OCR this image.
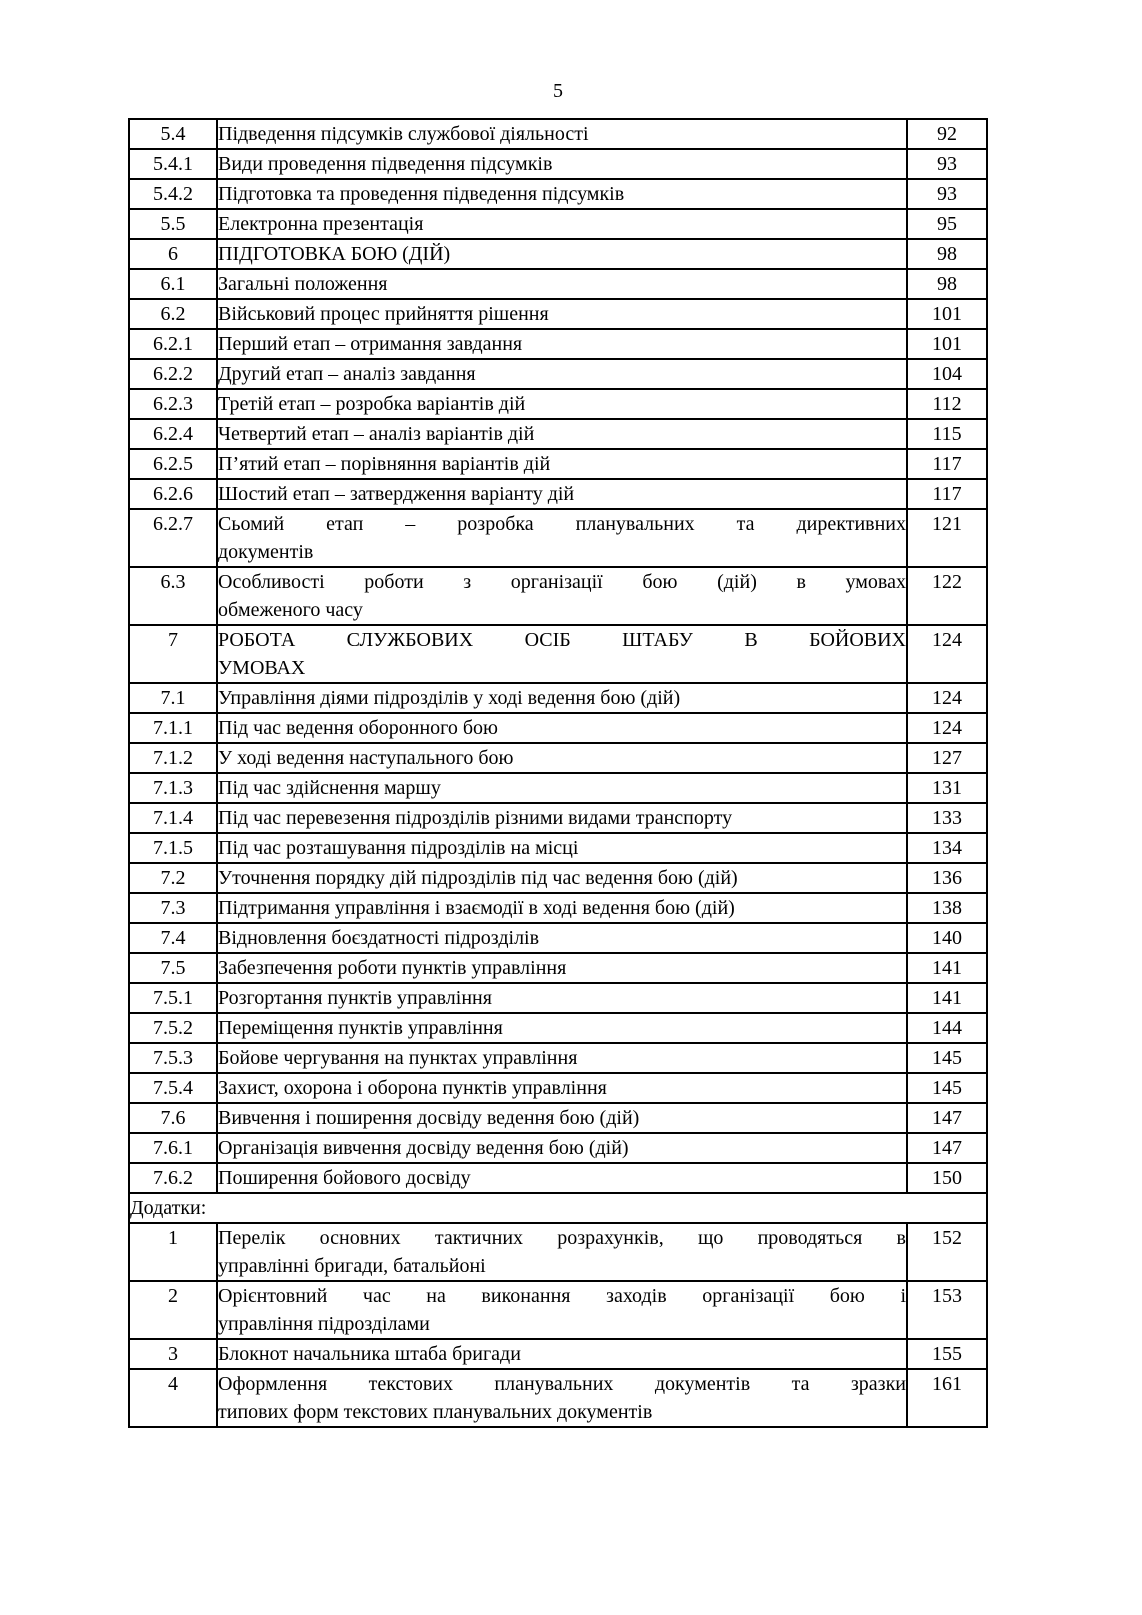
5
5.4	Підведення підсумків службової діяльності	92
5.4.1	Види проведення підведення підсумків	93
5.4.2	Підготовка та проведення підведення підсумків	93
5.5	Електронна презентація	95
6	ПІДГОТОВКА БОЮ (ДІЙ)	98
6.1	Загальні положення	98
6.2	Військовий процес прийняття рішення	101
6.2.1	Перший етап – отримання завдання	101
6.2.2	Другий етап – аналіз завдання	104
6.2.3	Третій етап – розробка варіантів дій	112
6.2.4	Четвертий етап – аналіз варіантів дій	115
6.2.5	П’ятий етап – порівняння варіантів дій	117
6.2.6	Шостий етап – затвердження варіанту дій	117
6.2.7	Сьомий етап – розробка планувальних та директивних
документів	121
6.3	Особливості роботи з організації бою (дій) в умовах
обмеженого часу	122
7	РОБОТА СЛУЖБОВИХ ОСІБ ШТАБУ В БОЙОВИХ
УМОВАХ	124
7.1	Управління діями підрозділів у ході ведення бою (дій)	124
7.1.1	Під час ведення оборонного бою	124
7.1.2	У ході ведення наступального бою	127
7.1.3	Під час здійснення маршу	131
7.1.4	Під час перевезення підрозділів різними видами транспорту	133
7.1.5	Під час розташування підрозділів на місці	134
7.2	Уточнення порядку дій підрозділів під час ведення бою (дій)	136
7.3	Підтримання управління і взаємодії в ході ведення бою (дій)	138
7.4	Відновлення боєздатності підрозділів	140
7.5	Забезпечення роботи пунктів управління	141
7.5.1	Розгортання пунктів управління	141
7.5.2	Переміщення пунктів управління	144
7.5.3	Бойове чергування на пунктах управління	145
7.5.4	Захист, охорона і оборона пунктів управління	145
7.6	Вивчення і поширення досвіду ведення бою (дій)	147
7.6.1	Організація вивчення досвіду ведення бою (дій)	147
7.6.2	Поширення бойового досвіду	150
Додатки:		
1	Перелік основних тактичних розрахунків, що проводяться в
управлінні бригади, батальйоні	152
2	Орієнтовний час на виконання заходів організації бою і
управління підрозділами	153
3	Блокнот начальника штаба бригади	155
4	Оформлення текстових планувальних документів та зразки
типових форм текстових планувальних документів	161
